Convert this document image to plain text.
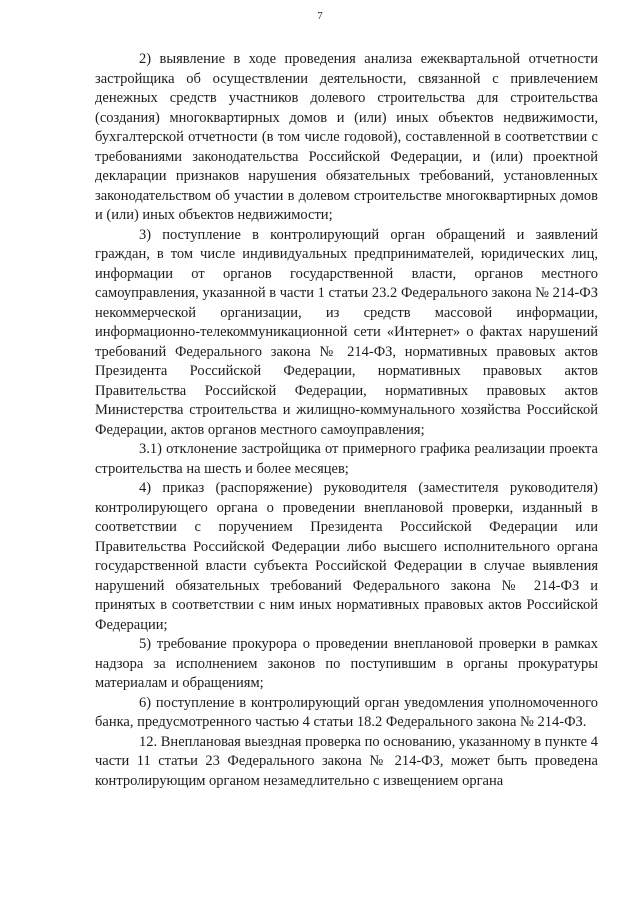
7

2) выявление в ходе проведения анализа ежеквартальной отчетности застройщика об осуществлении деятельности, связанной с привлечением денежных средств участников долевого строительства для строительства (создания) многоквартирных домов и (или) иных объектов недвижимости, бухгалтерской отчетности (в том числе годовой), составленной в соответствии с требованиями законодательства Российской Федерации, и (или) проектной декларации признаков нарушения обязательных требований, установленных законодательством об участии в долевом строительстве многоквартирных домов и (или) иных объектов недвижимости;

3) поступление в контролирующий орган обращений и заявлений граждан, в том числе индивидуальных предпринимателей, юридических лиц, информации от органов государственной власти, органов местного самоуправления, указанной в части 1 статьи 23.2 Федерального закона № 214-ФЗ некоммерческой организации, из средств массовой информации, информационно-телекоммуникационной сети «Интернет» о фактах нарушений требований Федерального закона № 214-ФЗ, нормативных правовых актов Президента Российской Федерации, нормативных правовых актов Правительства Российской Федерации, нормативных правовых актов Министерства строительства и жилищно-коммунального хозяйства Российской Федерации, актов органов местного самоуправления;

3.1) отклонение застройщика от примерного графика реализации проекта строительства на шесть и более месяцев;

4) приказ (распоряжение) руководителя (заместителя руководителя) контролирующего органа о проведении внеплановой проверки, изданный в соответствии с поручением Президента Российской Федерации или Правительства Российской Федерации либо высшего исполнительного органа государственной власти субъекта Российской Федерации в случае выявления нарушений обязательных требований Федерального закона № 214-ФЗ и принятых в соответствии с ним иных нормативных правовых актов Российской Федерации;

5) требование прокурора о проведении внеплановой проверки в рамках надзора за исполнением законов по поступившим в органы прокуратуры материалам и обращениям;

6) поступление в контролирующий орган уведомления уполномоченного банка, предусмотренного частью 4 статьи 18.2 Федерального закона № 214-ФЗ.

12. Внеплановая выездная проверка по основанию, указанному в пункте 4 части 11 статьи 23 Федерального закона № 214-ФЗ, может быть проведена контролирующим органом незамедлительно с извещением органа
